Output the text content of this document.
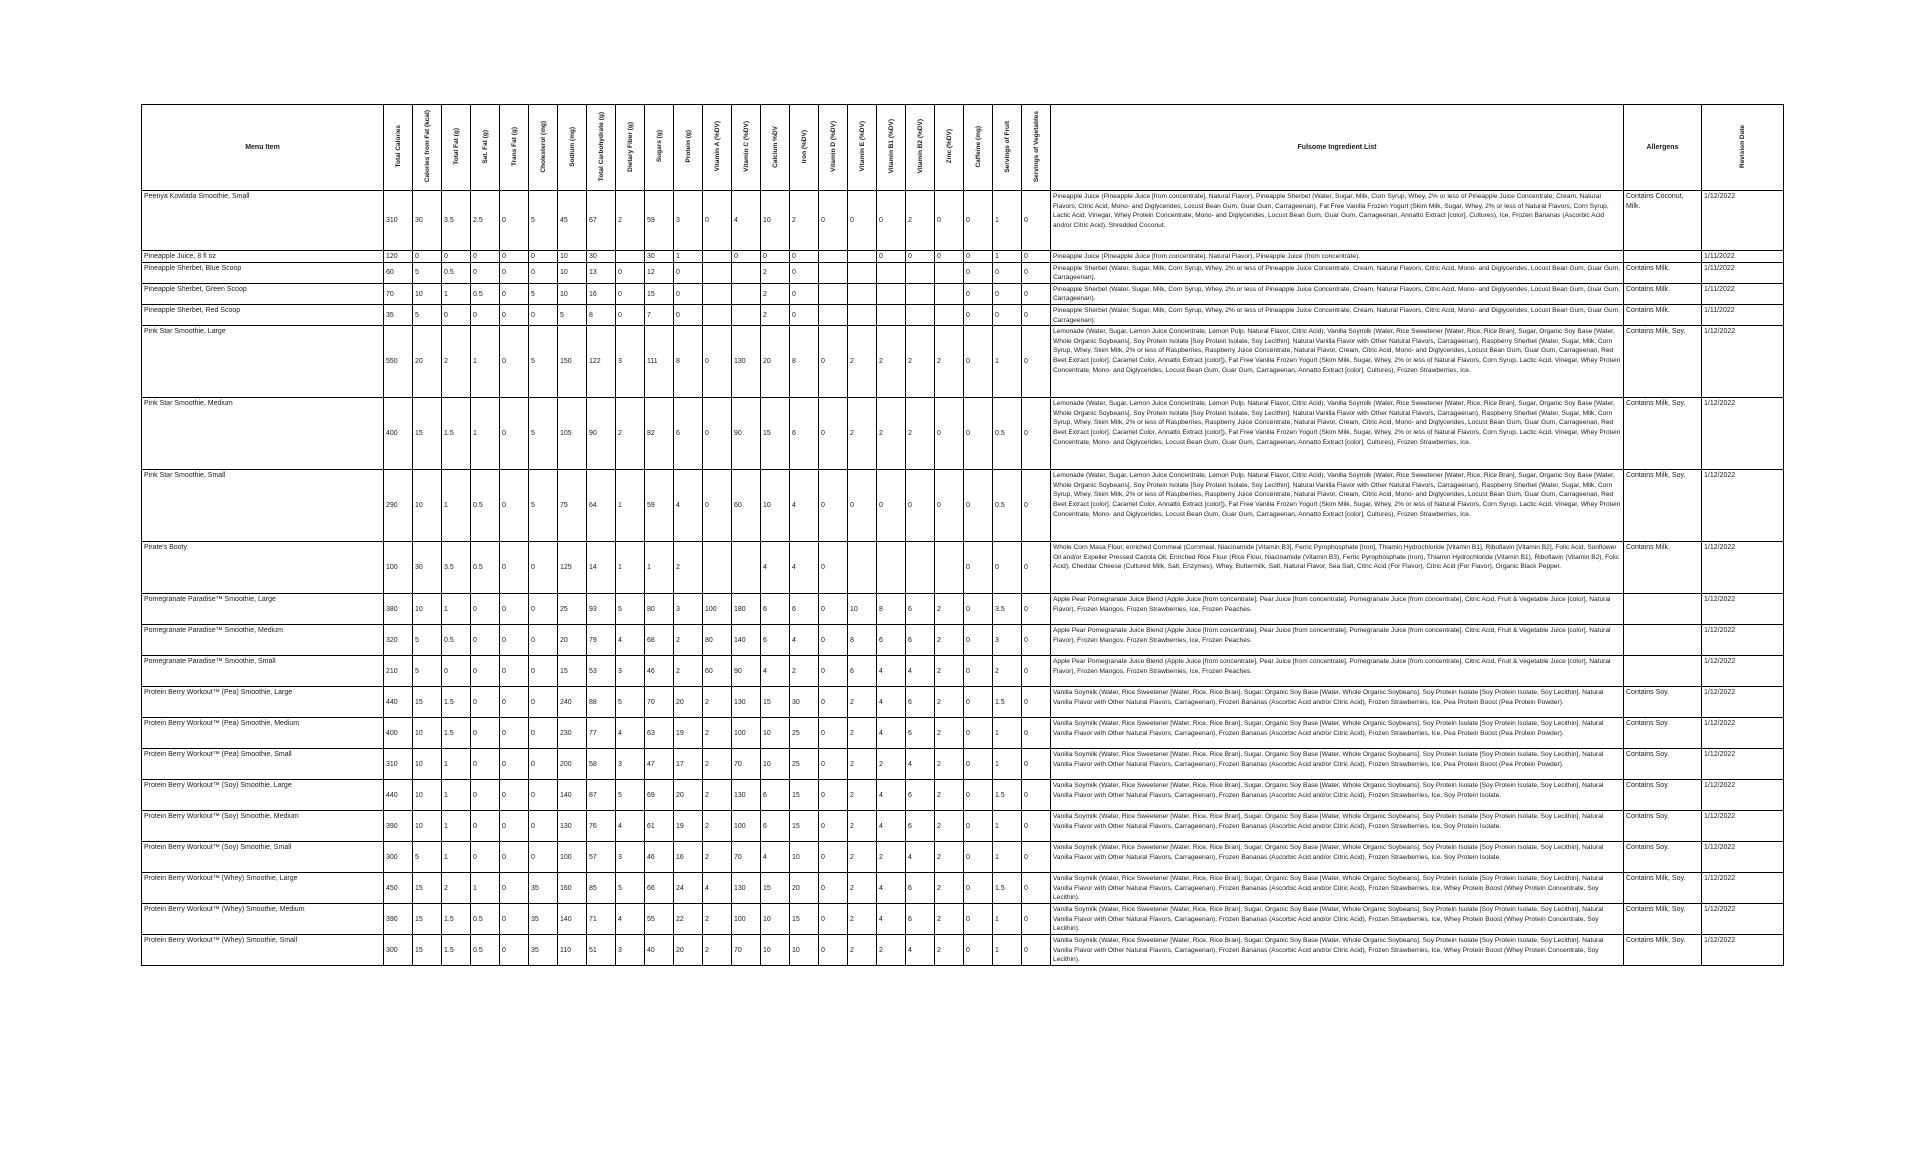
Menu Item	Total Calories	Calories from Fat (kcal)	Total Fat (g)	Sat. Fat (g)	Trans Fat (g)	Cholesterol (mg)	Sodium (mg)	Total Carbohydrate (g)	Dietary Fiber (g)	Sugars (g)	Protein (g)	Vitamin A (%DV)	Vitamin C (%DV)	Calcium %DV	Iron (%DV)	Vitamin D (%DV)	Vitamin E (%DV)	Vitamin B1 (%DV)	Vitamin B2 (%DV)	Zinc (%DV)	Caffeine (mg)	Servings of Fruit	Servings of Vegetables	Fulsome Ingredient List	Allergens	Revision Date
Peenya Kowlada Smoothie, Small	310	30	3.5	2.5	0	5	45	67	2	59	3	0	4	10	2	0	0	0	2	0	0	1	0	Pineapple Juice (Pineapple Juice [from concentrate], Natural Flavor), Pineapple Sherbet (Water, Sugar, Milk, Corn Syrup, Whey, 2% or less of Pineapple Juice Concentrate, Cream, Natural Flavors, Citric Acid, Mono- and Diglycerides, Locust Bean Gum, Guar Gum, Carrageenan), Fat Free Vanilla Frozen Yogurt (Skim Milk, Sugar, Whey, 2% or less of Natural Flavors, Corn Syrup, Lactic Acid, Vinegar, Whey Protein Concentrate, Mono- and Diglycerides, Locust Bean Gum, Guar Gum, Carrageenan, Annatto Extract [color], Cultures), Ice, Frozen Bananas (Ascorbic Acid and/or Citric Acid), Shredded Coconut.	Contains Coconut, Milk.	1/12/2022
Pineapple Juice, 8 fl oz	120	0	0	0	0	0	10	30		30	1		0	0	0			0	0	0	0	1	0	Pineapple Juice (Pineapple Juice [from concentrate], Natural Flavor), Pineapple Juice (from concentrate).		1/11/2022
Pineapple Sherbet, Blue Scoop	60	5	0.5	0	0	0	10	13	0	12	0			2	0						0	0	0	Pineapple Sherbet (Water, Sugar, Milk, Corn Syrup, Whey, 2% or less of Pineapple Juice Concentrate, Cream, Natural Flavors, Citric Acid, Mono- and Diglycerides, Locust Bean Gum, Guar Gum, Carrageenan).	Contains Milk.	1/11/2022
Pineapple Sherbet, Green Scoop	70	10	1	0.5	0	5	10	16	0	15	0			2	0						0	0	0	Pineapple Sherbet (Water, Sugar, Milk, Corn Syrup, Whey, 2% or less of Pineapple Juice Concentrate, Cream, Natural Flavors, Citric Acid, Mono- and Diglycerides, Locust Bean Gum, Guar Gum, Carrageenan).	Contains Milk.	1/11/2022
Pineapple Sherbet, Red Scoop	35	5	0	0	0	0	5	8	0	7	0			2	0						0	0	0	Pineapple Sherbet (Water, Sugar, Milk, Corn Syrup, Whey, 2% or less of Pineapple Juice Concentrate, Cream, Natural Flavors, Citric Acid, Mono- and Diglycerides, Locust Bean Gum, Guar Gum, Carrageenan).	Contains Milk.	1/11/2022
Pink Star Smoothie, Large	550	20	2	1	0	5	150	122	3	111	8	0	130	20	8	0	2	2	2	2	0	1	0	Lemonade (Water, Sugar, Lemon Juice Concentrate, Lemon Pulp, Natural Flavor, Citric Acid), Vanilla Soymilk (Water, Rice Sweetener [Water, Rice, Rice Bran], Sugar, Organic Soy Base [Water, Whole Organic Soybeans], Soy Protein Isolate [Soy Protein Isolate, Soy Lecithin], Natural Vanilla Flavor with Other Natural Flavors, Carrageenan), Raspberry Sherbet (Water, Sugar, Milk, Corn Syrup, Whey, Skim Milk, 2% or less of Raspberries, Raspberry Juice Concentrate, Natural Flavor, Cream, Citric Acid, Mono- and Diglycerides, Locust Bean Gum, Guar Gum, Carrageenan, Red Beet Extract [color], Caramel Color, Annatto Extract [color]), Fat Free Vanilla Frozen Yogurt (Skim Milk, Sugar, Whey, 2% or less of Natural Flavors, Corn Syrup, Lactic Acid, Vinegar, Whey Protein Concentrate, Mono- and Diglycerides, Locust Bean Gum, Guar Gum, Carrageenan, Annatto Extract [color], Cultures), Frozen Strawberries, Ice.	Contains Milk, Soy.	1/12/2022
Pink Star Smoothie, Medium	400	15	1.5	1	0	5	105	90	2	82	6	0	90	15	6	0	2	2	2	0	0	0.5	0	Lemonade (Water, Sugar, Lemon Juice Concentrate, Lemon Pulp, Natural Flavor, Citric Acid), Vanilla Soymilk (Water, Rice Sweetener [Water, Rice, Rice Bran], Sugar, Organic Soy Base [Water, Whole Organic Soybeans], Soy Protein Isolate [Soy Protein Isolate, Soy Lecithin], Natural Vanilla Flavor with Other Natural Flavors, Carrageenan), Raspberry Sherbet (Water, Sugar, Milk, Corn Syrup, Whey, Skim Milk, 2% or less of Raspberries, Raspberry Juice Concentrate, Natural Flavor, Cream, Citric Acid, Mono- and Diglycerides, Locust Bean Gum, Guar Gum, Carrageenan, Red Beet Extract [color], Caramel Color, Annatto Extract [color]), Fat Free Vanilla Frozen Yogurt (Skim Milk, Sugar, Whey, 2% or less of Natural Flavors, Corn Syrup, Lactic Acid, Vinegar, Whey Protein Concentrate, Mono- and Diglycerides, Locust Bean Gum, Guar Gum, Carrageenan, Annatto Extract [color], Cultures), Frozen Strawberries, Ice.	Contains Milk, Soy.	1/12/2022
Pink Star Smoothie, Small	290	10	1	0.5	0	5	75	64	1	59	4	0	60	10	4	0	0	0	0	0	0	0.5	0	Lemonade (Water, Sugar, Lemon Juice Concentrate, Lemon Pulp, Natural Flavor, Citric Acid), Vanilla Soymilk (Water, Rice Sweetener [Water, Rice, Rice Bran], Sugar, Organic Soy Base [Water, Whole Organic Soybeans], Soy Protein Isolate [Soy Protein Isolate, Soy Lecithin], Natural Vanilla Flavor with Other Natural Flavors, Carrageenan), Raspberry Sherbet (Water, Sugar, Milk, Corn Syrup, Whey, Skim Milk, 2% or less of Raspberries, Raspberry Juice Concentrate, Natural Flavor, Cream, Citric Acid, Mono- and Diglycerides, Locust Bean Gum, Guar Gum, Carrageenan, Red Beet Extract [color], Caramel Color, Annatto Extract [color]), Fat Free Vanilla Frozen Yogurt (Skim Milk, Sugar, Whey, 2% or less of Natural Flavors, Corn Syrup, Lactic Acid, Vinegar, Whey Protein Concentrate, Mono- and Diglycerides, Locust Bean Gum, Guar Gum, Carrageenan, Annatto Extract [color], Cultures), Frozen Strawberries, Ice.	Contains Milk, Soy.	1/12/2022
Pirate's Booty	100	30	3.5	0.5	0	0	125	14	1	1	2			4	4	0					0	0	0	Whole Corn Masa Flour, enriched Cornmeal (Cornmeal, Niacinamide [Vitamin B3], Ferric Pyrophosphate [Iron], Thiamin Hydrochloride [Vitamin B1], Riboflavin [Vitamin B2], Folic Acid, Sunflower Oil and/or Expeller Pressed Canola Oil, Enriched Rice Flour (Rice Flour, Niacinamide (Vitamin B3), Ferric Pyrophosphate (Iron), Thiamin Hydrochloride (Vitamin B1), Riboflavin (Vitamin B2), Folic Acid), Cheddar Cheese (Cultured Milk, Salt, Enzymes), Whey, Buttermilk, Salt, Natural Flavor, Sea Salt, Citric Acid (For Flavor), Citric Acid (For Flavor), Organic Black Pepper.	Contains Milk.	1/12/2022
Pomegranate Paradise™ Smoothie, Large	380	10	1	0	0	0	25	93	5	80	3	100	180	6	6	0	10	8	6	2	0	3.5	0	Apple Pear Pomegranate Juice Blend (Apple Juice [from concentrate], Pear Juice [from concentrate], Pomegranate Juice [from concentrate], Citric Acid, Fruit & Vegetable Juice [color], Natural Flavor), Frozen Mangos, Frozen Strawberries, Ice, Frozen Peaches.		1/12/2022
Pomegranate Paradise™ Smoothie, Medium	320	5	0.5	0	0	0	20	79	4	68	2	80	140	6	4	0	8	6	6	2	0	3	0	Apple Pear Pomegranate Juice Blend (Apple Juice [from concentrate], Pear Juice [from concentrate], Pomegranate Juice [from concentrate], Citric Acid, Fruit & Vegetable Juice [color], Natural Flavor), Frozen Mangos, Frozen Strawberries, Ice, Frozen Peaches.		1/12/2022
Pomegranate Paradise™ Smoothie, Small	210	5	0	0	0	0	15	53	3	46	2	60	90	4	2	0	6	4	4	2	0	2	0	Apple Pear Pomegranate Juice Blend (Apple Juice [from concentrate], Pear Juice [from concentrate], Pomegranate Juice [from concentrate], Citric Acid, Fruit & Vegetable Juice [color], Natural Flavor), Frozen Mangos, Frozen Strawberries, Ice, Frozen Peaches.		1/12/2022
Protein Berry Workout™ (Pea) Smoothie, Large	440	15	1.5	0	0	0	240	88	5	70	20	2	130	15	30	0	2	4	6	2	0	1.5	0	Vanilla Soymilk (Water, Rice Sweetener [Water, Rice, Rice Bran], Sugar, Organic Soy Base [Water, Whole Organic Soybeans], Soy Protein Isolate [Soy Protein Isolate, Soy Lecithin], Natural Vanilla Flavor with Other Natural Flavors, Carrageenan), Frozen Bananas (Ascorbic Acid and/or Citric Acid), Frozen Strawberries, Ice, Pea Protein Boost (Pea Protein Powder).	Contains Soy.	1/12/2022
Protein Berry Workout™ (Pea) Smoothie, Medium	400	10	1.5	0	0	0	230	77	4	63	19	2	100	10	25	0	2	4	6	2	0	1	0	Vanilla Soymilk (Water, Rice Sweetener [Water, Rice, Rice Bran], Sugar, Organic Soy Base [Water, Whole Organic Soybeans], Soy Protein Isolate [Soy Protein Isolate, Soy Lecithin], Natural Vanilla Flavor with Other Natural Flavors, Carrageenan), Frozen Bananas (Ascorbic Acid and/or Citric Acid), Frozen Strawberries, Ice, Pea Protein Boost (Pea Protein Powder).	Contains Soy.	1/12/2022
Protein Berry Workout™ (Pea) Smoothie, Small	310	10	1	0	0	0	200	58	3	47	17	2	70	10	25	0	2	2	4	2	0	1	0	Vanilla Soymilk (Water, Rice Sweetener [Water, Rice, Rice Bran], Sugar, Organic Soy Base [Water, Whole Organic Soybeans], Soy Protein Isolate [Soy Protein Isolate, Soy Lecithin], Natural Vanilla Flavor with Other Natural Flavors, Carrageenan), Frozen Bananas (Ascorbic Acid and/or Citric Acid), Frozen Strawberries, Ice, Pea Protein Boost (Pea Protein Powder).	Contains Soy.	1/12/2022
Protein Berry Workout™ (Soy) Smoothie, Large	440	10	1	0	0	0	140	87	5	69	20	2	130	6	15	0	2	4	6	2	0	1.5	0	Vanilla Soymilk (Water, Rice Sweetener [Water, Rice, Rice Bran], Sugar, Organic Soy Base [Water, Whole Organic Soybeans], Soy Protein Isolate [Soy Protein Isolate, Soy Lecithin], Natural Vanilla Flavor with Other Natural Flavors, Carrageenan), Frozen Bananas (Ascorbic Acid and/or Citric Acid), Frozen Strawberries, Ice, Soy Protein Isolate.	Contains Soy.	1/12/2022
Protein Berry Workout™ (Soy) Smoothie, Medium	390	10	1	0	0	0	130	76	4	61	19	2	100	6	15	0	2	4	6	2	0	1	0	Vanilla Soymilk (Water, Rice Sweetener [Water, Rice, Rice Bran], Sugar, Organic Soy Base [Water, Whole Organic Soybeans], Soy Protein Isolate [Soy Protein Isolate, Soy Lecithin], Natural Vanilla Flavor with Other Natural Flavors, Carrageenan), Frozen Bananas (Ascorbic Acid and/or Citric Acid), Frozen Strawberries, Ice, Soy Protein Isolate.	Contains Soy.	1/12/2022
Protein Berry Workout™ (Soy) Smoothie, Small	300	5	1	0	0	0	100	57	3	46	16	2	70	4	10	0	2	2	4	2	0	1	0	Vanilla Soymilk (Water, Rice Sweetener [Water, Rice, Rice Bran], Sugar, Organic Soy Base [Water, Whole Organic Soybeans], Soy Protein Isolate [Soy Protein Isolate, Soy Lecithin], Natural Vanilla Flavor with Other Natural Flavors, Carrageenan), Frozen Bananas (Ascorbic Acid and/or Citric Acid), Frozen Strawberries, Ice, Soy Protein Isolate.	Contains Soy.	1/12/2022
Protein Berry Workout™ (Whey) Smoothie, Large	450	15	2	1	0	35	160	85	5	66	24	4	130	15	20	0	2	4	6	2	0	1.5	0	Vanilla Soymilk (Water, Rice Sweetener [Water, Rice, Rice Bran], Sugar, Organic Soy Base [Water, Whole Organic Soybeans], Soy Protein Isolate [Soy Protein Isolate, Soy Lecithin], Natural Vanilla Flavor with Other Natural Flavors, Carrageenan), Frozen Bananas (Ascorbic Acid and/or Citric Acid), Frozen Strawberries, Ice, Whey Protein Boost (Whey Protein Concentrate, Soy Lecithin).	Contains Milk, Soy.	1/12/2022
Protein Berry Workout™ (Whey) Smoothie, Medium	390	15	1.5	0.5	0	35	140	71	4	55	22	2	100	10	15	0	2	4	6	2	0	1	0	Vanilla Soymilk (Water, Rice Sweetener [Water, Rice, Rice Bran], Sugar, Organic Soy Base [Water, Whole Organic Soybeans], Soy Protein Isolate [Soy Protein Isolate, Soy Lecithin], Natural Vanilla Flavor with Other Natural Flavors, Carrageenan), Frozen Bananas (Ascorbic Acid and/or Citric Acid), Frozen Strawberries, Ice, Whey Protein Boost (Whey Protein Concentrate, Soy Lecithin).	Contains Milk, Soy.	1/12/2022
Protein Berry Workout™ (Whey) Smoothie, Small	300	15	1.5	0.5	0	35	110	51	3	40	20	2	70	10	10	0	2	2	4	2	0	1	0	Vanilla Soymilk (Water, Rice Sweetener [Water, Rice, Rice Bran], Sugar, Organic Soy Base [Water, Whole Organic Soybeans], Soy Protein Isolate [Soy Protein Isolate, Soy Lecithin], Natural Vanilla Flavor with Other Natural Flavors, Carrageenan), Frozen Bananas (Ascorbic Acid and/or Citric Acid), Frozen Strawberries, Ice, Whey Protein Boost (Whey Protein Concentrate, Soy Lecithin).	Contains Milk, Soy.	1/12/2022
